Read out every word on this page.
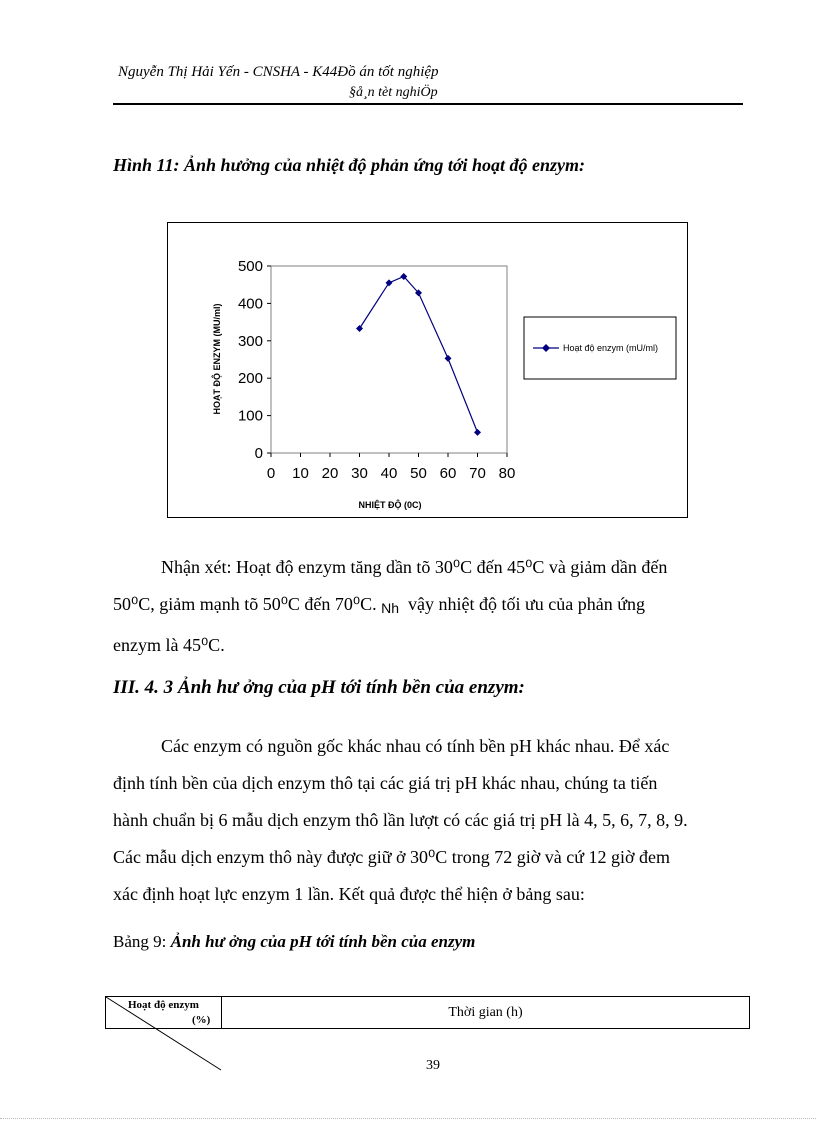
Nguyễn Thị Hải Yến - CNSHA - K44Đồ án tốt nghiệp
§å¸n tèt nghiÖp
Hình 11: Ảnh hưởng của nhiệt độ phản ứng tới hoạt độ enzym:
0
100
200
300
400
500
0 10 20 30 40 50 60 70 80
HOẠT ĐỘ ENZYM (MU/ml)
NHIỆT ĐỘ (0C)
Hoạt độ enzym (mU/ml)
Nhận xét: Hoạt độ enzym tăng dần tõ 30⁰C đến 45⁰C và giảm dần đến
50⁰C, giảm mạnh tõ 50⁰C đến 70⁰C. Nh vậy nhiệt độ tối ưu của phản ứng
enzym là 45⁰C.
III. 4. 3 Ảnh hư ởng của pH tới tính bền của enzym:
Các enzym có nguồn gốc khác nhau có tính bền pH khác nhau. Để xác
định tính bền của dịch enzym thô tại các giá trị pH khác nhau, chúng ta tiến
hành chuẩn bị 6 mẫu dịch enzym thô lần lượt có các giá trị pH là 4, 5, 6, 7, 8, 9.
Các mẫu dịch enzym thô này được giữ ở 30⁰C trong 72 giờ và cứ 12 giờ đem
xác định hoạt lực enzym 1 lần. Kết quả được thể hiện ở bảng sau:
Bảng 9: Ảnh hư ởng của pH tới tính bền của enzym
Hoạt độ enzym
(%)	Thời gian (h)
39
